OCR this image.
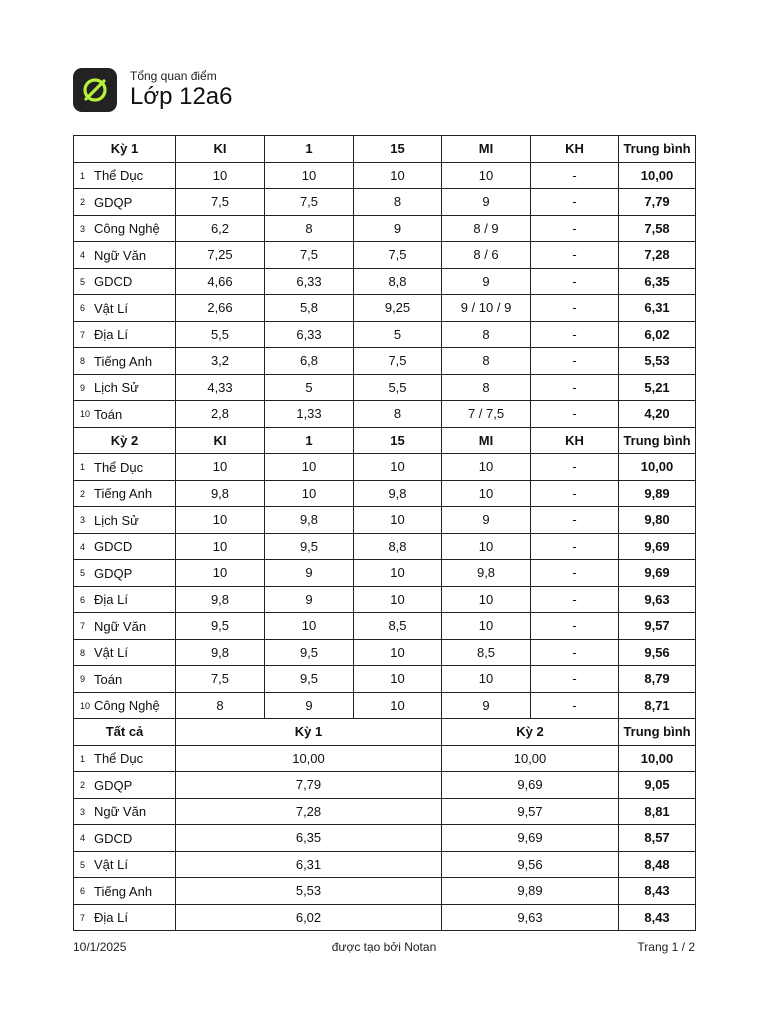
Tổng quan điểm
Lớp 12a6
Kỳ 1	KI	1	15	MI	KH	Trung bình
1 Thể Dục	10	10	10	10	-	10,00
2 GDQP	7,5	7,5	8	9	-	7,79
3 Công Nghệ	6,2	8	9	8 / 9	-	7,58
4 Ngữ Văn	7,25	7,5	7,5	8 / 6	-	7,28
5 GDCD	4,66	6,33	8,8	9	-	6,35
6 Vật Lí	2,66	5,8	9,25	9 / 10 / 9	-	6,31
7 Địa Lí	5,5	6,33	5	8	-	6,02
8 Tiếng Anh	3,2	6,8	7,5	8	-	5,53
9 Lịch Sử	4,33	5	5,5	8	-	5,21
10 Toán	2,8	1,33	8	7 / 7,5	-	4,20
Kỳ 2	KI	1	15	MI	KH	Trung bình
1 Thể Dục	10	10	10	10	-	10,00
2 Tiếng Anh	9,8	10	9,8	10	-	9,89
3 Lịch Sử	10	9,8	10	9	-	9,80
4 GDCD	10	9,5	8,8	10	-	9,69
5 GDQP	10	9	10	9,8	-	9,69
6 Địa Lí	9,8	9	10	10	-	9,63
7 Ngữ Văn	9,5	10	8,5	10	-	9,57
8 Vật Lí	9,8	9,5	10	8,5	-	9,56
9 Toán	7,5	9,5	10	10	-	8,79
10 Công Nghệ	8	9	10	9	-	8,71
Tất cả	Kỳ 1			Kỳ 2		Trung bình
1 Thể Dục	10,00			10,00		10,00
2 GDQP	7,79			9,69		9,05
3 Ngữ Văn	7,28			9,57		8,81
4 GDCD	6,35			9,69		8,57
5 Vật Lí	6,31			9,56		8,48
6 Tiếng Anh	5,53			9,89		8,43
7 Địa Lí	6,02			9,63		8,43
10/1/2025	được tạo bởi Notan	Trang 1 / 2
